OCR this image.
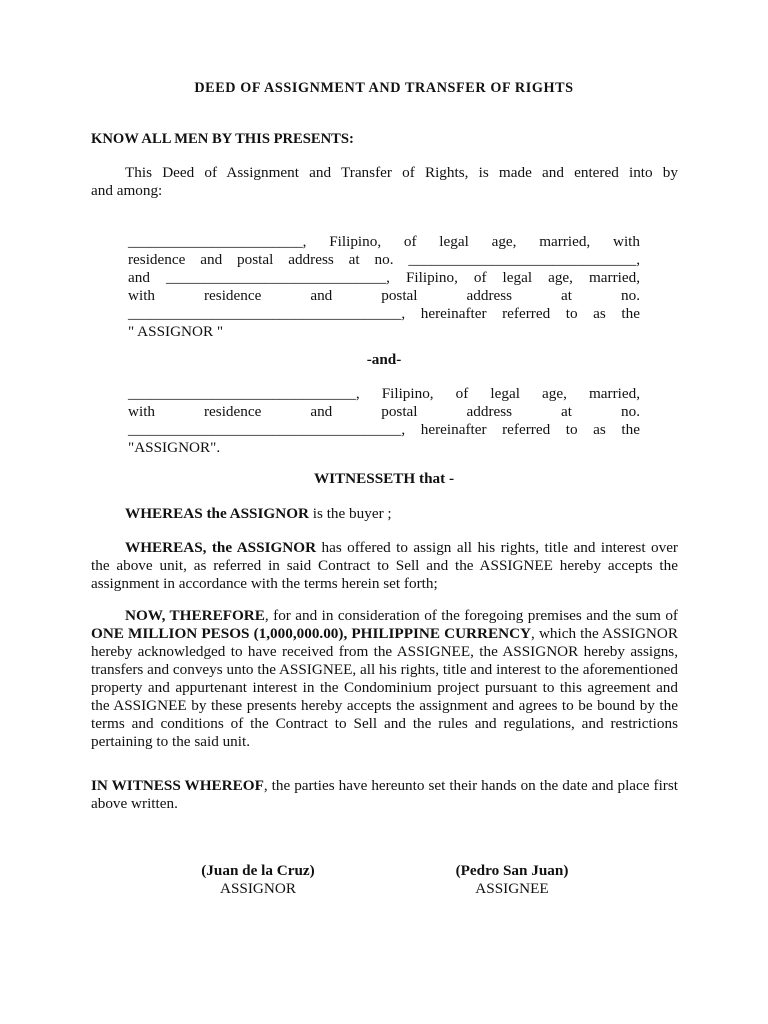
DEED OF ASSIGNMENT AND TRANSFER OF RIGHTS
KNOW ALL MEN BY THIS PRESENTS:
This Deed of Assignment and Transfer of Rights, is made and entered into by
and among:
_______________________, Filipino, of legal age, married, with
residence and postal address at no. ______________________________,
and _____________________________, Filipino, of legal age, married,
with residence and postal address at no.
____________________________________, hereinafter referred to as the
" ASSIGNOR "
-and-
______________________________, Filipino, of legal age, married,
with residence and postal address at no.
____________________________________, hereinafter referred to as the
"ASSIGNOR".
WITNESSETH that -
WHEREAS the ASSIGNOR is the buyer ;
WHEREAS, the ASSIGNOR has offered to assign all his rights, title and interest over the above unit, as referred in said Contract to Sell and the ASSIGNEE hereby accepts the assignment in accordance with the terms herein set forth;
NOW, THEREFORE, for and in consideration of the foregoing premises and the sum of ONE MILLION PESOS (1,000,000.00), PHILIPPINE CURRENCY, which the ASSIGNOR hereby acknowledged to have received from the ASSIGNEE, the ASSIGNOR hereby assigns, transfers and conveys unto the ASSIGNEE, all his rights, title and interest to the aforementioned property and appurtenant interest in the Condominium project pursuant to this agreement and the ASSIGNEE by these presents hereby accepts the assignment and agrees to be bound by the terms and conditions of the Contract to Sell and the rules and regulations, and restrictions pertaining to the said unit.
IN WITNESS WHEREOF, the parties have hereunto set their hands on the date and place first above written.
(Juan de la Cruz)
ASSIGNOR
(Pedro San Juan)
ASSIGNEE
